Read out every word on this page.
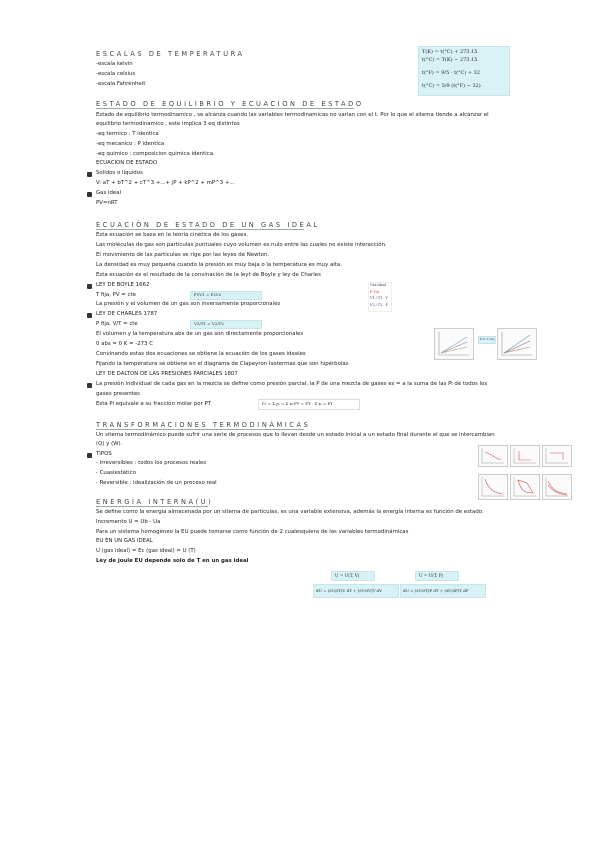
T(K) = t(°C) + 273.15
t(°C) = T(K) − 273.15
t(°F) = 9/5 · t(°C) + 32
t(°C) = 5/9 (t(°F) − 32)
ESCALAS DE TEMPERATURA
-escala kelvin
-escala celsius
-escala Fahrenheit
ESTADO DE EQUILIBRIO Y ECUACION DE ESTADO
Estado de equilibrio termodinamico , se alcanza cuando las variables termodinamicas no varian con el t. Por lo que el sitema tiende a alcanzar el
equilibrio termodinamico , este implica 3 eq distintos
-eq termico : T identica
-eq mecanico : P identica
-eq quimico : composicion quimica identica.
ECUACION DE ESTADO
Solidos o liquidos
V: aT + bT^2 + cT^3 +...+ jP + kP^2 + mP^3 +...
Gas ideal
PV=nRT
ECUACIÓN DE ESTADO DE UN GAS IDEAL
Esta ecuación se basa en la teoría cinética de los gases.
Las moléculas de gas son partículas puntuales cuyo volumen es nulo entre las cuales no existe interacción.
El movimiento de las partículas se rige por las leyes de Newton.
La densidad es muy pequeña cuando la presión es muy baja o la temperatura es muy alta.
Esta ecuación es el resultado de la convinación de la leyt de Boyle y ley de Charles
LEY DE BOYLE 1662
T fija, PV = cte	P1V1 = P2V2
La presión y el volumen de un gas son inversamente proporcionales
Gas ideal
P·V/n
V1 / T1 . Y
V2 / T2 . P
LEY DE CHARLES 1787
P fija, V/T = cte	V1/T1 = V2/T2
El volumen y la temperatura abs de un gas son directamente proporcionales
0 abs = 0 K = -273 C
Convinando estas dos ecuaciones se obtiene la ecuación de los gases ideales
Fijando la temperatura se obtiene en el diagrama de Clapeyron Isotermas que son hipérbolas
P·V = cte
LEY DE DALTON DE LAS PRESIONES PARCIALES 1807
La presión individual de cada gas en la mezcla se define como presión parcial, la P de una mezcla de gases es = a la suma de las Pi de todos los
gases presentes
Esta Pi equivale a su fracción molar por PT	P₁ = Σ pᵢ = Σ xᵢ·PT = PT · Σ xᵢ = PT
TRANSFORMACIONES TERMODINÁMICAS
Un sitema termodinámico puede sufrir una serie de procesos que lo llevan desde un estado inicial a un estado final durante el que se intercambian
(Q) y (W).
TIPOS
- Irreversibles : todos los procesos reales
- Cuasiestático
- Reversible : idealización de un proceso real
ENERGÍA INTERNA(U)
Se define como la energía almacenada por un sitema de partículas, es una variable extensiva, además la energía interna es función de estado.
Incremento U = Ub - Ua
Para un sistema homogéneo la EU puede tomarse como función de 2 cualesquiera de las variables termodinámicas
EU EN UN GAS IDEAL
U (gas ideal) = Ec (gas ideal) = U (T)
Ley de joule EU depende solo de T en un gas ideal
U = U(T, V)
dU = (∂U/∂T)V dT + (∂U/∂V)T dV
U = U(T, P)
dU = (∂U/∂T)P dT + (∂U/∂P)T dP
